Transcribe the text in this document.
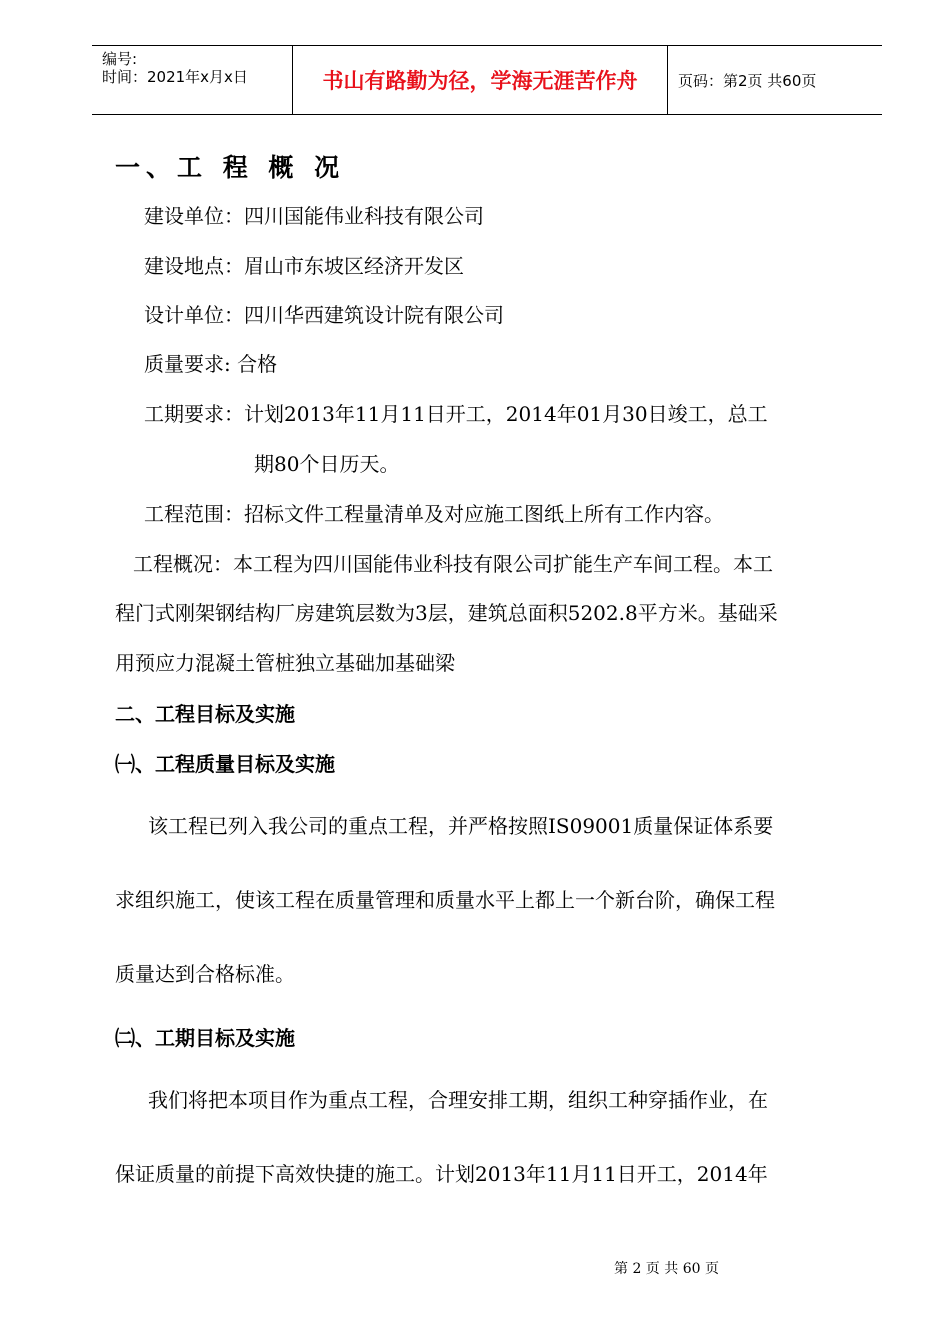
编号:
时间：2021年x月x日	书山有路勤为径，学海无涯苦作舟	页码：第2页 共60页
一、工 程 概 况
建设单位：四川国能伟业科技有限公司
建设地点：眉山市东坡区经济开发区
设计单位：四川华西建筑设计院有限公司
质量要求: 合格
工期要求：计划2013年11月11日开工，2014年01月30日竣工，总工
期80个日历天。
工程范围：招标文件工程量清单及对应施工图纸上所有工作内容。
工程概况：本工程为四川国能伟业科技有限公司扩能生产车间工程。本工
程门式刚架钢结构厂房建筑层数为3层，建筑总面积5202.8平方米。基础采
用预应力混凝土管桩独立基础加基础梁
二、工程目标及实施
㈠、工程质量目标及实施
该工程已列入我公司的重点工程，并严格按照IS09001质量保证体系要
求组织施工，使该工程在质量管理和质量水平上都上一个新台阶，确保工程
质量达到合格标准。
㈡、工期目标及实施
我们将把本项目作为重点工程，合理安排工期，组织工种穿插作业，在
保证质量的前提下高效快捷的施工。计划2013年11月11日开工，2014年
第 2 页 共 60 页
